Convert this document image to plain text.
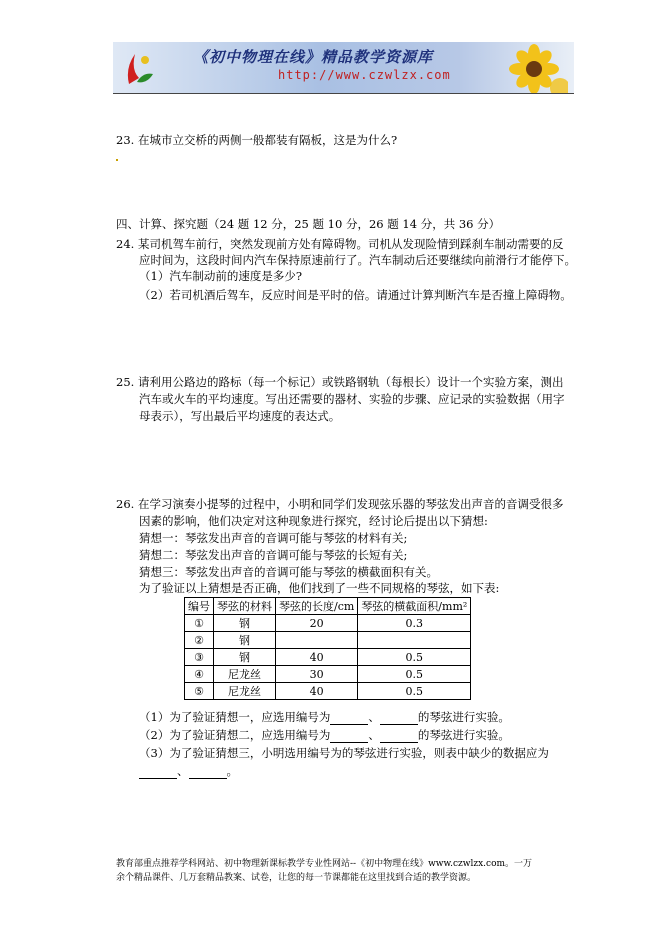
《初中物理在线》精品教学资源库
http://www.czwlzx.com
23. 在城市立交桥的两侧一般都装有隔板，这是为什么?
四、计算、探究题（24 题 12 分，25 题 10 分，26 题 14 分，共 36 分）
24. 某司机驾车前行，突然发现前方处有障碍物。司机从发现险情到踩刹车制动需要的反
应时间为，这段时间内汽车保持原速前行了。汽车制动后还要继续向前滑行才能停下。
（1）汽车制动前的速度是多少?
（2）若司机酒后驾车，反应时间是平时的倍。请通过计算判断汽车是否撞上障碍物。
25. 请利用公路边的路标（每一个标记）或铁路钢轨（每根长）设计一个实验方案，测出
汽车或火车的平均速度。写出还需要的器材、实验的步骤、应记录的实验数据（用字
母表示），写出最后平均速度的表达式。
26. 在学习演奏小提琴的过程中，小明和同学们发现弦乐器的琴弦发出声音的音调受很多
因素的影响，他们决定对这种现象进行探究，经讨论后提出以下猜想:
猜想一：琴弦发出声音的音调可能与琴弦的材料有关;
猜想二：琴弦发出声音的音调可能与琴弦的长短有关;
猜想三：琴弦发出声音的音调可能与琴弦的横截面积有关。
为了验证以上猜想是否正确，他们找到了一些不同规格的琴弦，如下表:
编号	琴弦的材料	琴弦的长度/cm	琴弦的横截面积/mm²
①	钢	20	0.3
②	钢		
③	钢	40	0.5
④	尼龙丝	30	0.5
⑤	尼龙丝	40	0.5
（1）为了验证猜想一，应选用编号为	、	的琴弦进行实验。
（2）为了验证猜想二，应选用编号为	、	的琴弦进行实验。
（3）为了验证猜想三，小明选用编号为的琴弦进行实验，则表中缺少的数据应为
、	。
教育部重点推荐学科网站、初中物理新课标教学专业性网站--《初中物理在线》www.czwlzx.com。一万
余个精品课件、几万套精品教案、试卷，让您的每一节课都能在这里找到合适的教学资源。
